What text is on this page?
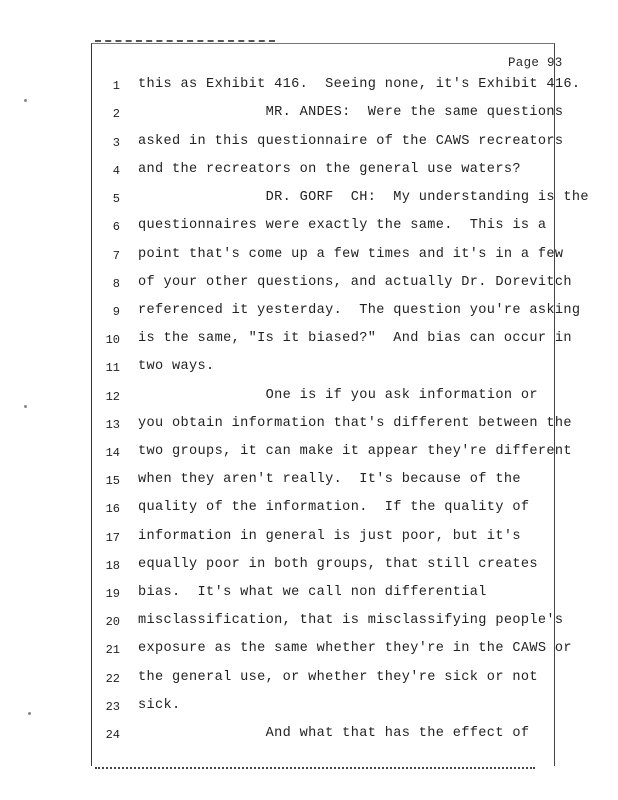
Page 93
1 this as Exhibit 416.  Seeing none, it's Exhibit 416.
2 MR. ANDES:  Were the same questions
3 asked in this questionnaire of the CAWS recreators
4 and the recreators on the general use waters?
5 DR. GORF  CH:  My understanding is the
6 questionnaires were exactly the same.  This is a
7 point that's come up a few times and it's in a few
8 of your other questions, and actually Dr. Dorevitch
9 referenced it yesterday.  The question you're asking
10 is the same, "Is it biased?"  And bias can occur in
11 two ways.
12 One is if you ask information or
13 you obtain information that's different between the
14 two groups, it can make it appear they're different
15 when they aren't really.  It's because of the
16 quality of the information.  If the quality of
17 information in general is just poor, but it's
18 equally poor in both groups, that still creates
19 bias.  It's what we call non differential
20 misclassification, that is misclassifying people's
21 exposure as the same whether they're in the CAWS or
22 the general use, or whether they're sick or not
23 sick.
24 And what that has the effect of
